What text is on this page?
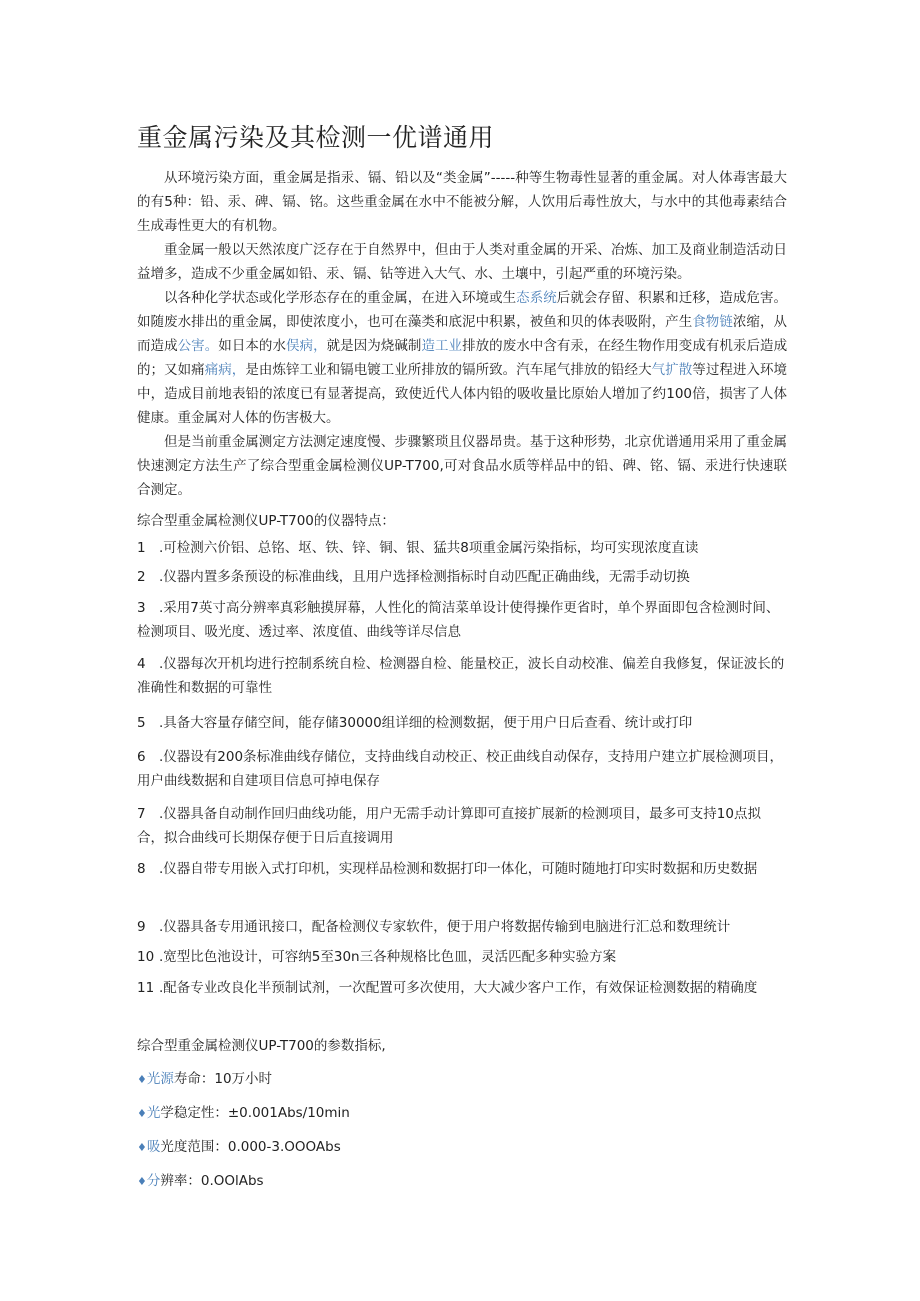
重金属污染及其检测一优谱通用

从环境污染方面，重金属是指汞、镉、铅以及“类金属”-----种等生物毒性显著的重金属。对人体毒害最大的有5种：铅、汞、碑、镉、铭。这些重金属在水中不能被分解，人饮用后毒性放大，与水中的其他毒素结合生成毒性更大的有机物。

重金属一般以天然浓度广泛存在于自然界中，但由于人类对重金属的开采、冶炼、加工及商业制造活动日益增多，造成不少重金属如铅、汞、镉、钻等进入大气、水、土壤中，引起严重的环境污染。

以各种化学状态或化学形态存在的重金属，在进入环境或生态系统后就会存留、积累和迁移，造成危害。如随废水排出的重金属，即使浓度小，也可在藻类和底泥中积累，被鱼和贝的体表吸附，产生食物链浓缩，从而造成公害。如日本的水俣病，就是因为烧碱制造工业排放的废水中含有汞，在经生物作用变成有机汞后造成的；又如痛痛病，是由炼锌工业和镉电镀工业所排放的镉所致。汽车尾气排放的铅经大气扩散等过程进入环境中，造成目前地表铅的浓度已有显著提高，致使近代人体内铅的吸收量比原始人增加了约100倍，损害了人体健康。重金属对人体的伤害极大。

但是当前重金属测定方法测定速度慢、步骤繁琐且仪器昂贵。基于这种形势，北京优谱通用采用了重金属快速测定方法生产了综合型重金属检测仪UP-T700,可对食品水质等样品中的铅、碑、铭、镉、汞进行快速联合测定。

综合型重金属检测仪UP-T700的仪器特点：

1 .可检测六价铝、总铭、𫭟、铁、锌、铜、银、猛共8项重金属污染指标，均可实现浓度直读

2 .仪器内置多条预设的标准曲线，且用户选择检测指标时自动匹配正确曲线，无需手动切换

3 .采用7英寸高分辨率真彩触摸屏幕，人性化的简洁菜单设计使得操作更省时，单个界面即包含检测时间、检测项目、吸光度、透过率、浓度值、曲线等详尽信息

4 .仪器每次开机均进行控制系统自检、检测器自检、能量校正，波长自动校准、偏差自我修复，保证波长的准确性和数据的可靠性

5 .具备大容量存储空间，能存储30000组详细的检测数据，便于用户日后查看、统计或打印

6 .仪器设有200条标准曲线存储位，支持曲线自动校正、校正曲线自动保存，支持用户建立扩展检测项目，用户曲线数据和自建项目信息可掉电保存

7 .仪器具备自动制作回归曲线功能，用户无需手动计算即可直接扩展新的检测项目，最多可支持10点拟合，拟合曲线可长期保存便于日后直接调用

8 .仪器自带专用嵌入式打印机，实现样品检测和数据打印一体化，可随时随地打印实时数据和历史数据

9 .仪器具备专用通讯接口，配备检测仪专家软件，便于用户将数据传输到电脑进行汇总和数理统计

10 .宽型比色池设计，可容纳5至30n三各种规格比色皿，灵活匹配多种实验方案

11 .配备专业改良化半预制试剂，一次配置可多次使用，大大减少客户工作，有效保证检测数据的精确度

综合型重金属检测仪UP-T700的参数指标,

♦光源寿命：10万小时

♦光学稳定性：±0.001Abs∕10min

♦吸光度范围：0.000-3.OOOAbs

♦分辨率：0.OOlAbs
